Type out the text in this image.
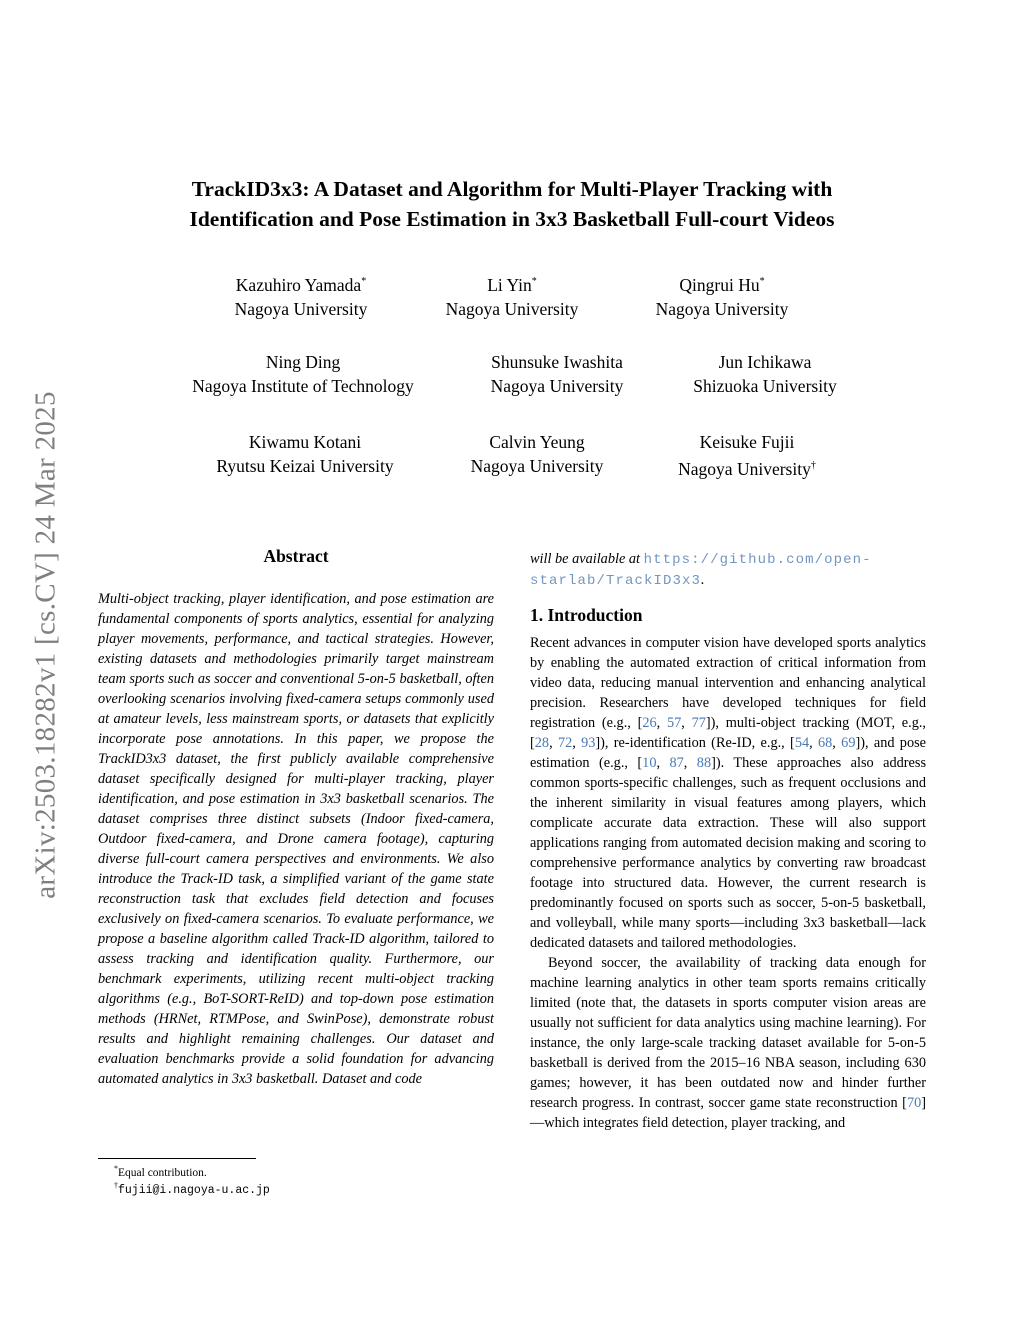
arXiv:2503.18282v1 [cs.CV] 24 Mar 2025
TrackID3x3: A Dataset and Algorithm for Multi-Player Tracking with
Identification and Pose Estimation in 3x3 Basketball Full-court Videos
Kazuhiro Yamada*
Nagoya University
Li Yin*
Nagoya University
Qingrui Hu*
Nagoya University
Ning Ding
Nagoya Institute of Technology
Shunsuke Iwashita
Nagoya University
Jun Ichikawa
Shizuoka University
Kiwamu Kotani
Ryutsu Keizai University
Calvin Yeung
Nagoya University
Keisuke Fujii
Nagoya University†
Abstract
Multi-object tracking, player identification, and pose estimation are fundamental components of sports analytics, essential for analyzing player movements, performance, and tactical strategies. However, existing datasets and methodologies primarily target mainstream team sports such as soccer and conventional 5-on-5 basketball, often overlooking scenarios involving fixed-camera setups commonly used at amateur levels, less mainstream sports, or datasets that explicitly incorporate pose annotations. In this paper, we propose the TrackID3x3 dataset, the first publicly available comprehensive dataset specifically designed for multi-player tracking, player identification, and pose estimation in 3x3 basketball scenarios. The dataset comprises three distinct subsets (Indoor fixed-camera, Outdoor fixed-camera, and Drone camera footage), capturing diverse full-court camera perspectives and environments. We also introduce the Track-ID task, a simplified variant of the game state reconstruction task that excludes field detection and focuses exclusively on fixed-camera scenarios. To evaluate performance, we propose a baseline algorithm called Track-ID algorithm, tailored to assess tracking and identification quality. Furthermore, our benchmark experiments, utilizing recent multi-object tracking algorithms (e.g., BoT-SORT-ReID) and top-down pose estimation methods (HRNet, RTMPose, and SwinPose), demonstrate robust results and highlight remaining challenges. Our dataset and evaluation benchmarks provide a solid foundation for advancing automated analytics in 3x3 basketball. Dataset and code
*Equal contribution.
†fujii@i.nagoya-u.ac.jp
will be available at https://github.com/open-starlab/TrackID3x3.
1. Introduction

Recent advances in computer vision have developed sports analytics by enabling the automated extraction of critical information from video data, reducing manual intervention and enhancing analytical precision. Researchers have developed techniques for field registration (e.g., [26, 57, 77]), multi-object tracking (MOT, e.g., [28, 72, 93]), re-identification (Re-ID, e.g., [54, 68, 69]), and pose estimation (e.g., [10, 87, 88]). These approaches also address common sports-specific challenges, such as frequent occlusions and the inherent similarity in visual features among players, which complicate accurate data extraction. These will also support applications ranging from automated decision making and scoring to comprehensive performance analytics by converting raw broadcast footage into structured data. However, the current research is predominantly focused on sports such as soccer, 5-on-5 basketball, and volleyball, while many sports—including 3x3 basketball—lack dedicated datasets and tailored methodologies.

Beyond soccer, the availability of tracking data enough for machine learning analytics in other team sports remains critically limited (note that, the datasets in sports computer vision areas are usually not sufficient for data analytics using machine learning). For instance, the only large-scale tracking dataset available for 5-on-5 basketball is derived from the 2015–16 NBA season, including 630 games; however, it has been outdated now and hinder further research progress. In contrast, soccer game state reconstruction [70]—which integrates field detection, player tracking, and
